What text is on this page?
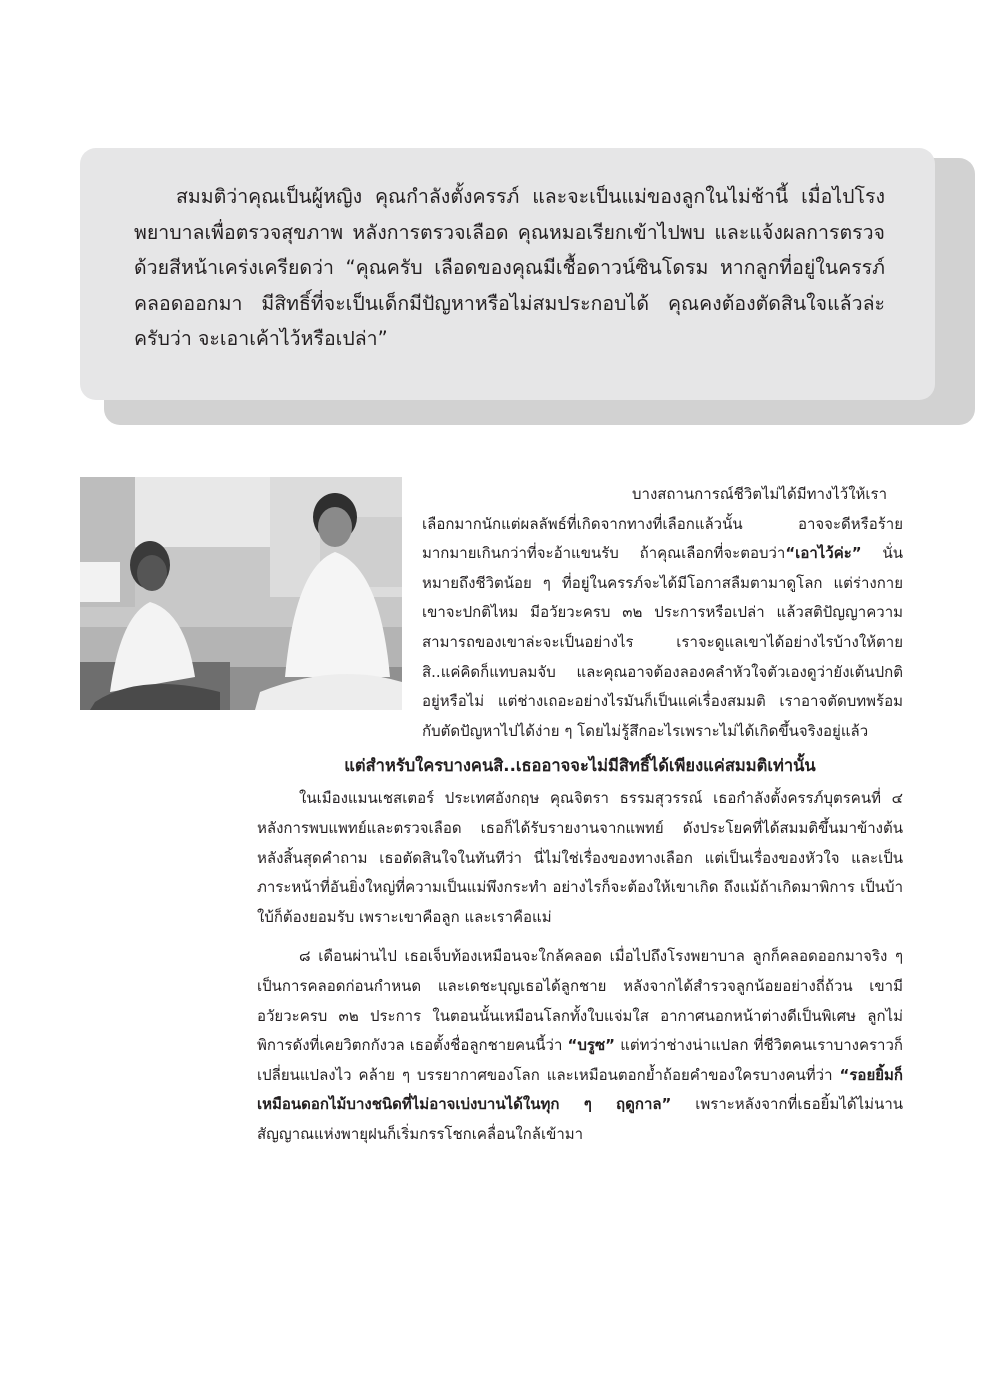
สมมติว่าคุณเป็นผู้หญิง คุณกำลังตั้งครรภ์ และจะเป็นแม่ของลูกในไม่ช้านี้ เมื่อไปโรงพยาบาลเพื่อตรวจสุขภาพ หลังการตรวจเลือด คุณหมอเรียกเข้าไปพบ และแจ้งผลการตรวจด้วยสีหน้าเคร่งเครียดว่า “คุณครับ เลือดของคุณมีเชื้อดาวน์ซินโดรม หากลูกที่อยู่ในครรภ์คลอดออกมา มีสิทธิ์ที่จะเป็นเด็กมีปัญหาหรือไม่สมประกอบได้ คุณคงต้องตัดสินใจแล้วล่ะครับว่า จะเอาเค้าไว้หรือเปล่า”

บางสถานการณ์ชีวิตไม่ได้มีทางไว้ให้เราเลือกมากนักแต่ผลลัพธ์ที่เกิดจากทางที่เลือกแล้วนั้น อาจจะดีหรือร้ายมากมายเกินกว่าที่จะอ้าแขนรับ ถ้าคุณเลือกที่จะตอบว่า“เอาไว้ค่ะ” นั่นหมายถึงชีวิตน้อย ๆ ที่อยู่ในครรภ์จะได้มีโอกาสลืมตามาดูโลก แต่ร่างกายเขาจะปกติไหม มีอวัยวะครบ ๓๒ ประการหรือเปล่า แล้วสติปัญญาความสามารถของเขาล่ะจะเป็นอย่างไร เราจะดูแลเขาได้อย่างไรบ้างให้ตายสิ..แค่คิดก็แทบลมจับ และคุณอาจต้องลองคลำหัวใจตัวเองดูว่ายังเต้นปกติอยู่หรือไม่ แต่ช่างเถอะอย่างไรมันก็เป็นแค่เรื่องสมมติ เราอาจตัดบทพร้อมกับตัดปัญหาไปได้ง่าย ๆ โดยไม่รู้สึกอะไรเพราะไม่ได้เกิดขึ้นจริงอยู่แล้ว

แต่สำหรับใครบางคนสิ..เธออาจจะไม่มีสิทธิ์ได้เพียงแค่สมมติเท่านั้น

ในเมืองแมนเชสเตอร์ ประเทศอังกฤษ คุณจิตรา ธรรมสุวรรณ์ เธอกำลังตั้งครรภ์บุตรคนที่ ๔ หลังการพบแพทย์และตรวจเลือด เธอก็ได้รับรายงานจากแพทย์ ดังประโยคที่ได้สมมติขึ้นมาข้างต้น หลังสิ้นสุดคำถาม เธอตัดสินใจในทันทีว่า นี่ไม่ใช่เรื่องของทางเลือก แต่เป็นเรื่องของหัวใจ และเป็นภาระหน้าที่อันยิ่งใหญ่ที่ความเป็นแม่พึงกระทำ อย่างไรก็จะต้องให้เขาเกิด ถึงแม้ถ้าเกิดมาพิการ เป็นบ้าใบ้ก็ต้องยอมรับ เพราะเขาคือลูก และเราคือแม่

๘ เดือนผ่านไป เธอเจ็บท้องเหมือนจะใกล้คลอด เมื่อไปถึงโรงพยาบาล ลูกก็คลอดออกมาจริง ๆ เป็นการคลอดก่อนกำหนด และเดชะบุญเธอได้ลูกชาย หลังจากได้สำรวจลูกน้อยอย่างถี่ถ้วน เขามีอวัยวะครบ ๓๒ ประการ ในตอนนั้นเหมือนโลกทั้งใบแจ่มใส อากาศนอกหน้าต่างดีเป็นพิเศษ ลูกไม่พิการดังที่เคยวิตกกังวล เธอตั้งชื่อลูกชายคนนี้ว่า “บรูซ” แต่ทว่าช่างน่าแปลก ที่ชีวิตคนเราบางคราวก็เปลี่ยนแปลงไว คล้าย ๆ บรรยากาศของโลก และเหมือนตอกย้ำถ้อยคำของใครบางคนที่ว่า “รอยยิ้มก็เหมือนดอกไม้บางชนิดที่ไม่อาจเบ่งบานได้ในทุก ๆ ฤดูกาล” เพราะหลังจากที่เธอยิ้มได้ไม่นาน สัญญาณแห่งพายุฝนก็เริ่มกรรโชกเคลื่อนใกล้เข้ามา
